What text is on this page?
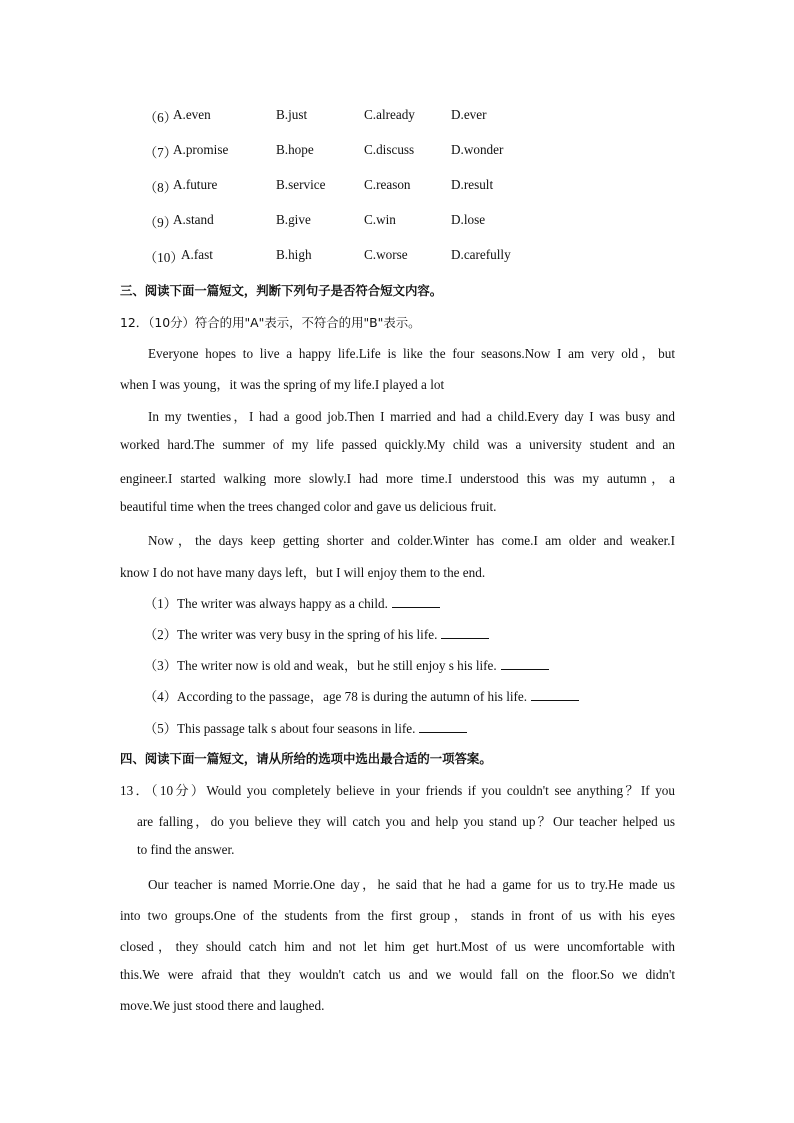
（6）
A.even	B.just	C.already	D.ever
（7）
A.promise	B.hope	C.discuss	D.wonder
（8）
A.future	B.service	C.reason	D.result
（9）
A.stand	B.give	C.win	D.lose
（10）
A.fast	B.high	C.worse	D.carefully
三、阅读下面一篇短文，判断下列句子是否符合短文内容。
12．（10分）符合的用"A"表示，不符合的用"B"表示。
Everyone hopes to live a happy life.Life is like the four seasons.Now I am very old，but
when I was young，it was the spring of my life.I played a lot
In my twenties，I had a good job.Then I married and had a child.Every day I was busy and
worked hard.The summer of my life passed quickly.My child was a university student and an
engineer.I started walking more slowly.I had more time.I understood this was my autumn，a
beautiful time when the trees changed color and gave us delicious fruit.
Now，the days keep getting shorter and colder.Winter has come.I am older and weaker.I
know I do not have many days left，but I will enjoy them to the end.
（1）The writer was always happy as a child.
（2）The writer was very busy in the spring of his life.
（3）The writer now is old and weak，but he still enjoy s his life.
（4）According to the passage，age 78 is during the autumn of his life.
（5）This passage talk s about four seasons in life.
四、阅读下面一篇短文，请从所给的选项中选出最合适的一项答案。
13．（10分）Would you completely believe in your friends if you couldn't see anything？If you
are falling，do you believe they will catch you and help you stand up？Our teacher helped us
to find the answer.
Our teacher is named Morrie.One day，he said that he had a game for us to try.He made us
into two groups.One of the students from the first group，stands in front of us with his eyes
closed，they should catch him and not let him get hurt.Most of us were uncomfortable with
this.We were afraid that they wouldn't catch us and we would fall on the floor.So we didn't
move.We just stood there and laughed.
